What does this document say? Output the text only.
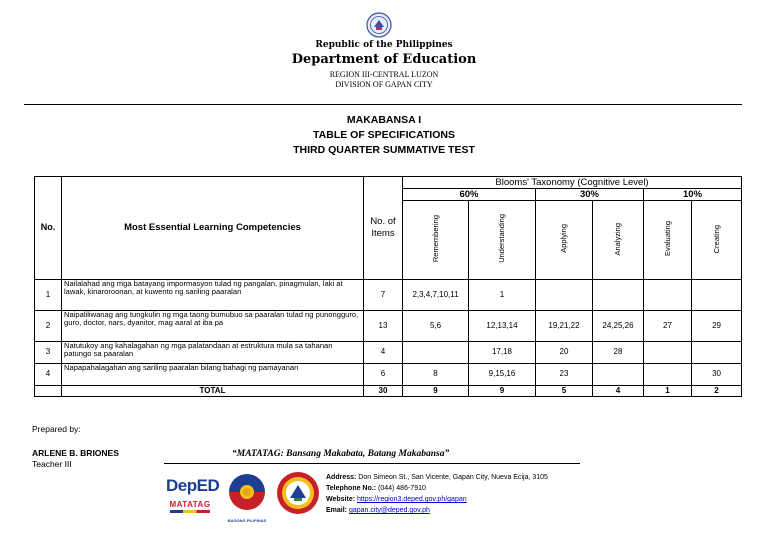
Republic of the Philippines
Department of Education
REGION III-CENTRAL LUZON
DIVISION OF GAPAN CITY
MAKABANSA I
TABLE OF SPECIFICATIONS
THIRD QUARTER SUMMATIVE TEST
No.	Most Essential Learning Competencies	No. of Items	Blooms' Taxonomy (Cognitive Level)					
			60%		30%		10%	
			Remembering	Understanding	Applying	Analyzing	Evaluating	Creating
1	Nailalahad ang mga batayang impormasyon tulad ng pangalan, pinagmulan, laki at lawak, kinaroroonan, at kuwento ng sariling paaralan	7	2,3,4,7,10,11	1				
2	Naipaliliwanag ang tungkulin ng mga taong bumubuo sa paaralan tulad ng punongguro, guro, doctor, nars, dyanitor, mag aaral at iba pa	13	5,6	12,13,14	19,21,22	24,25,26	27	29
3	Natutukoy ang kahalagahan ng mga palatandaan at estruktura mula sa tahanan patungo sa paaralan	4		17,18	20	28		
4	Napapahalagahan ang sariling paaralan bilang bahagi ng pamayanan	6	8	9,15,16	23			30
	TOTAL	30	9	9	5	4	1	2
Prepared by:
ARLENE B. BRIONES
Teacher III
“MATATAG: Bansang Makabata, Batang Makabansa”
DepED
MATATAG
BAGONG PILIPINAS
Address: Don Simeon St., San Vicente, Gapan City, Nueva Ecija, 3105
Telephone No.: (044) 486-7910
Website: https://region3.deped.gov.ph/gapan
Email: gapan.city@deped.gov.ph
